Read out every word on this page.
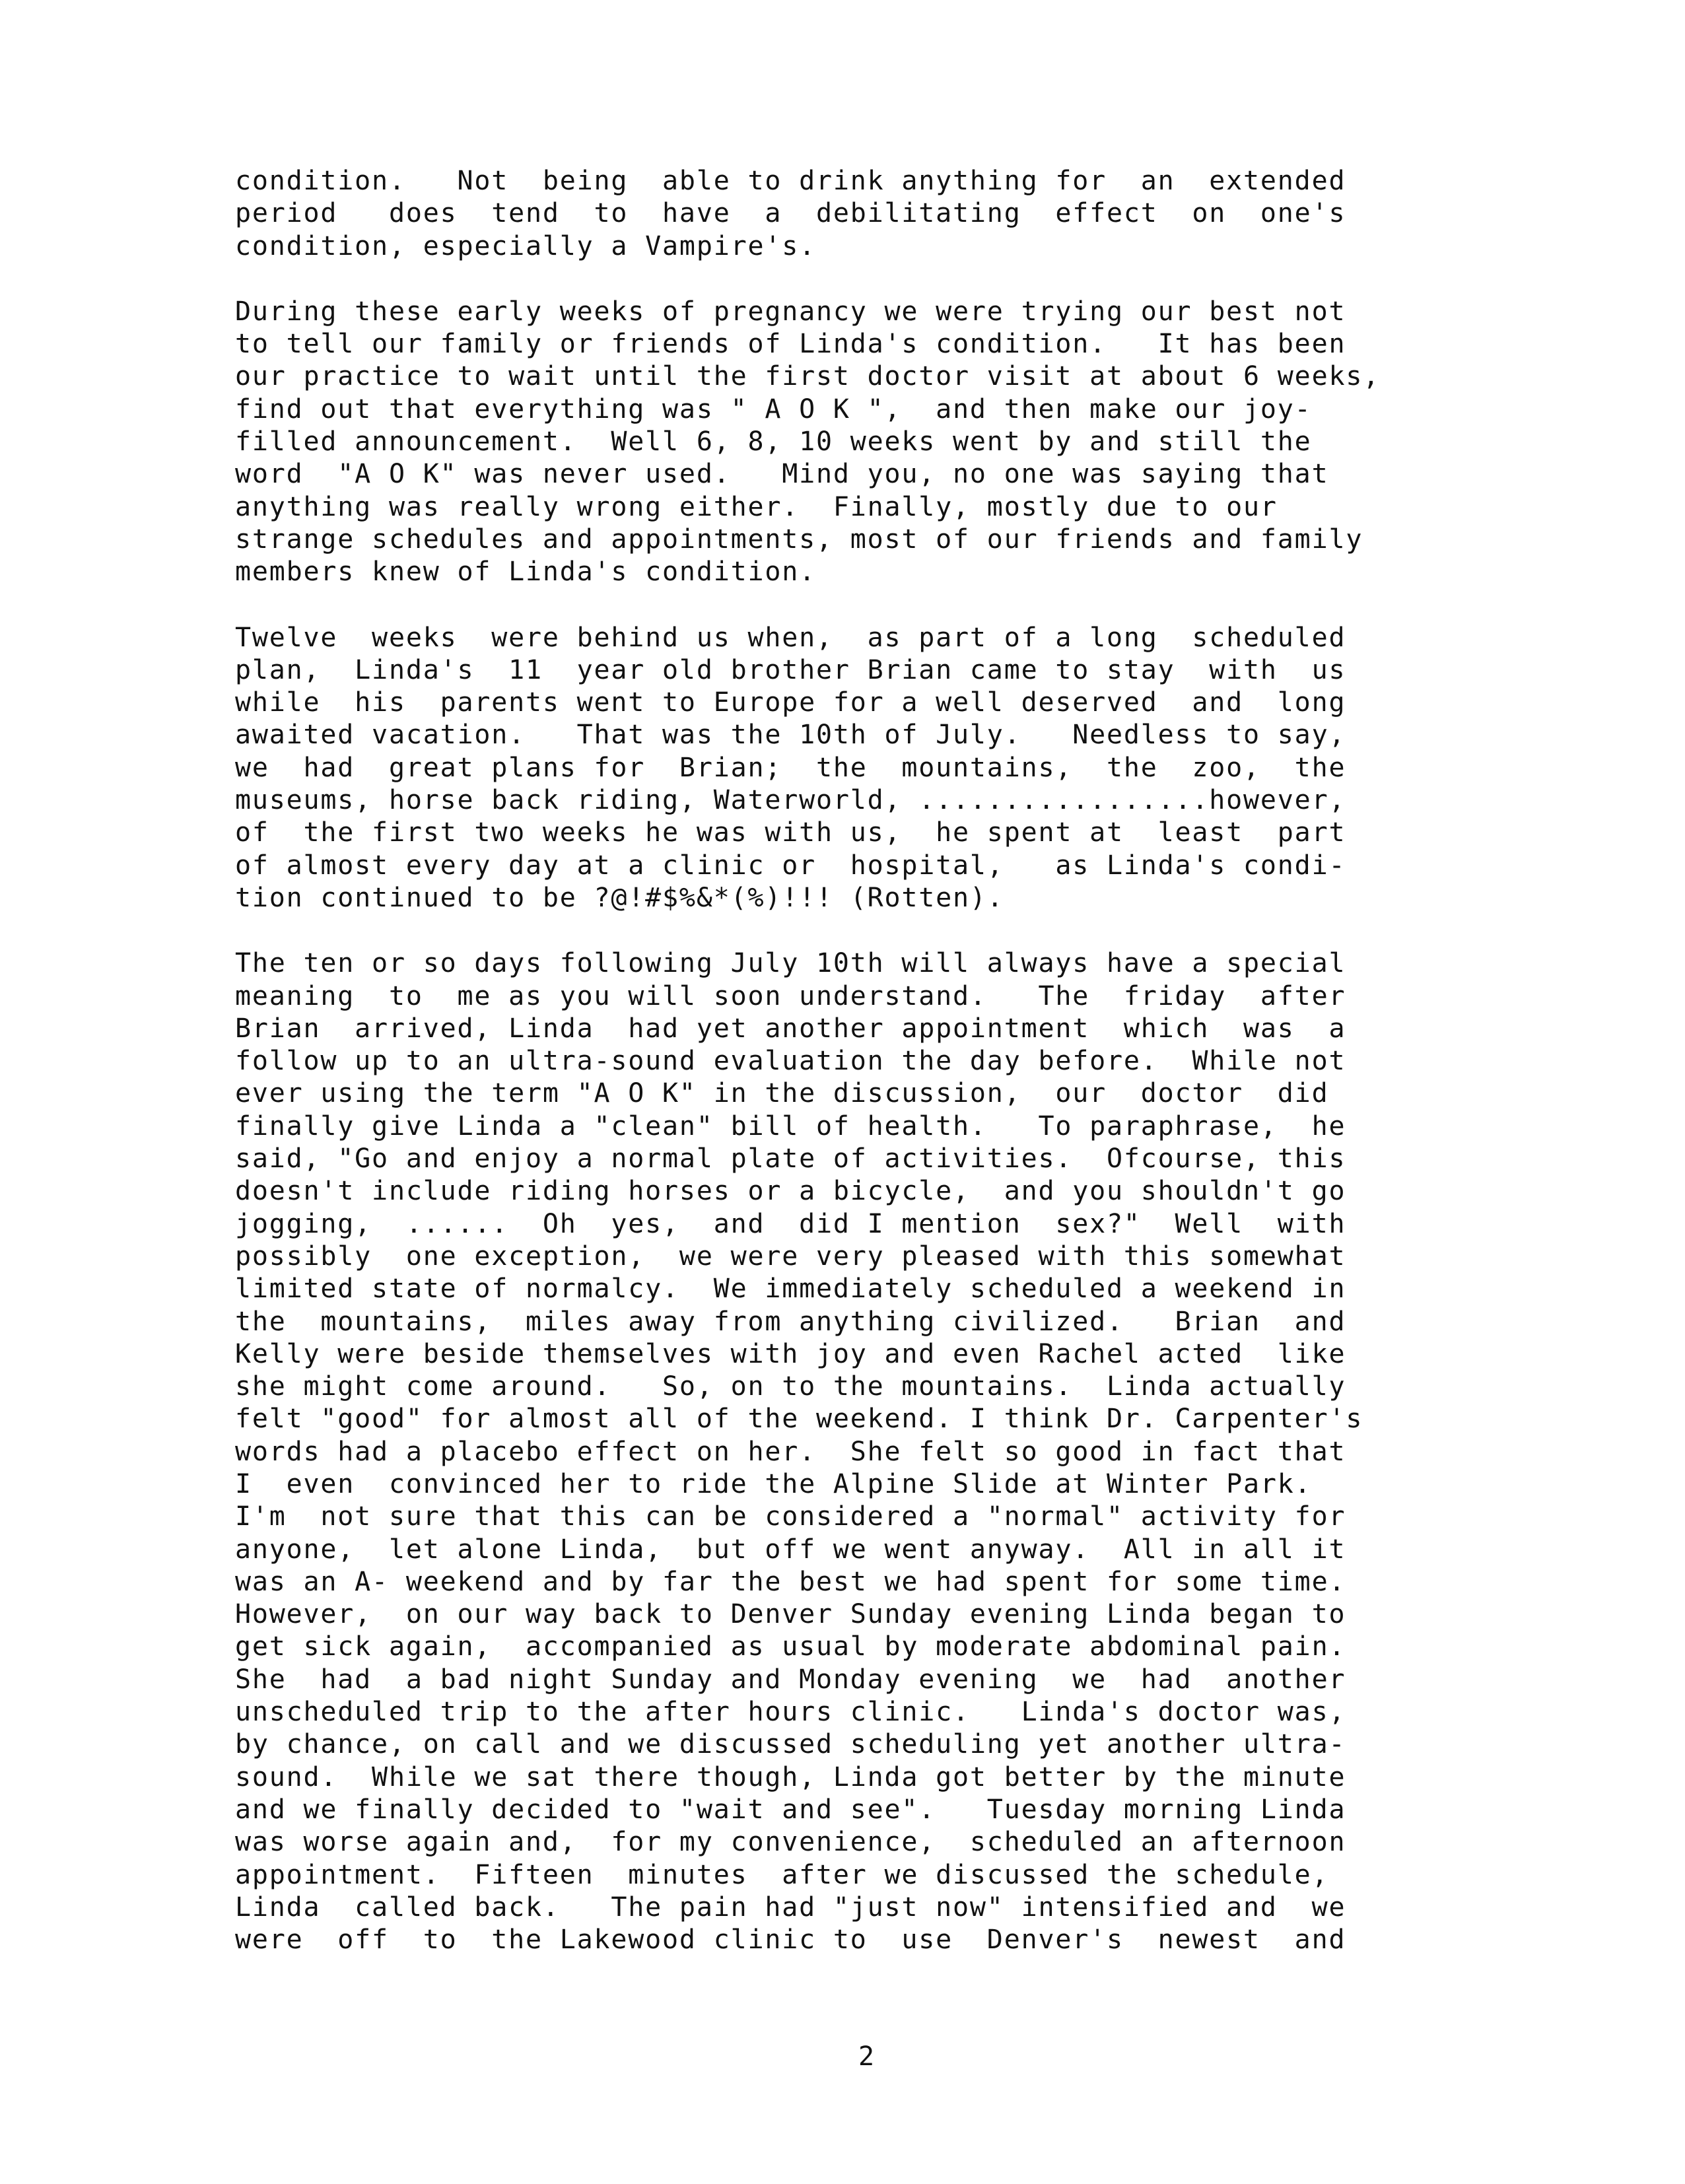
condition.   Not  being  able to drink anything for  an  extended
period   does  tend  to  have  a  debilitating  effect  on  one's
condition, especially a Vampire's.
During these early weeks of pregnancy we were trying our best not
to tell our family or friends of Linda's condition.   It has been
our practice to wait until the first doctor visit at about 6 weeks,
find out that everything was " A O K ",  and then make our joy-
filled announcement.  Well 6, 8, 10 weeks went by and still the
word  "A O K" was never used.   Mind you, no one was saying that
anything was really wrong either.  Finally, mostly due to our
strange schedules and appointments, most of our friends and family
members knew of Linda's condition.
Twelve  weeks  were behind us when,  as part of a long  scheduled
plan,  Linda's  11  year old brother Brian came to stay  with  us
while  his  parents went to Europe for a well deserved  and  long
awaited vacation.   That was the 10th of July.   Needless to say,
we  had  great plans for  Brian;  the  mountains,  the  zoo,  the
museums, horse back riding, Waterworld, .................however,
of  the first two weeks he was with us,  he spent at  least  part
of almost every day at a clinic or  hospital,   as Linda's condi-
tion continued to be ?@!#$%&*(%)!!! (Rotten).
The ten or so days following July 10th will always have a special
meaning  to  me as you will soon understand.   The  friday  after
Brian  arrived, Linda  had yet another appointment  which  was  a
follow up to an ultra-sound evaluation the day before.  While not
ever using the term "A O K" in the discussion,  our  doctor  did
finally give Linda a "clean" bill of health.   To paraphrase,  he
said, "Go and enjoy a normal plate of activities.  Ofcourse, this
doesn't include riding horses or a bicycle,  and you shouldn't go
jogging,  ......  Oh  yes,  and  did I mention  sex?"  Well  with
possibly  one exception,  we were very pleased with this somewhat
limited state of normalcy.  We immediately scheduled a weekend in
the  mountains,  miles away from anything civilized.   Brian  and
Kelly were beside themselves with joy and even Rachel acted  like
she might come around.   So, on to the mountains.  Linda actually
felt "good" for almost all of the weekend. I think Dr. Carpenter's
words had a placebo effect on her.  She felt so good in fact that
I  even  convinced her to ride the Alpine Slide at Winter Park.
I'm  not sure that this can be considered a "normal" activity for
anyone,  let alone Linda,  but off we went anyway.  All in all it
was an A- weekend and by far the best we had spent for some time.
However,  on our way back to Denver Sunday evening Linda began to
get sick again,  accompanied as usual by moderate abdominal pain.
She  had  a bad night Sunday and Monday evening  we  had  another
unscheduled trip to the after hours clinic.   Linda's doctor was,
by chance, on call and we discussed scheduling yet another ultra-
sound.  While we sat there though, Linda got better by the minute
and we finally decided to "wait and see".   Tuesday morning Linda
was worse again and,  for my convenience,  scheduled an afternoon
appointment.  Fifteen  minutes  after we discussed the schedule,
Linda  called back.   The pain had "just now" intensified and  we
were  off  to  the Lakewood clinic to  use  Denver's  newest  and
2
